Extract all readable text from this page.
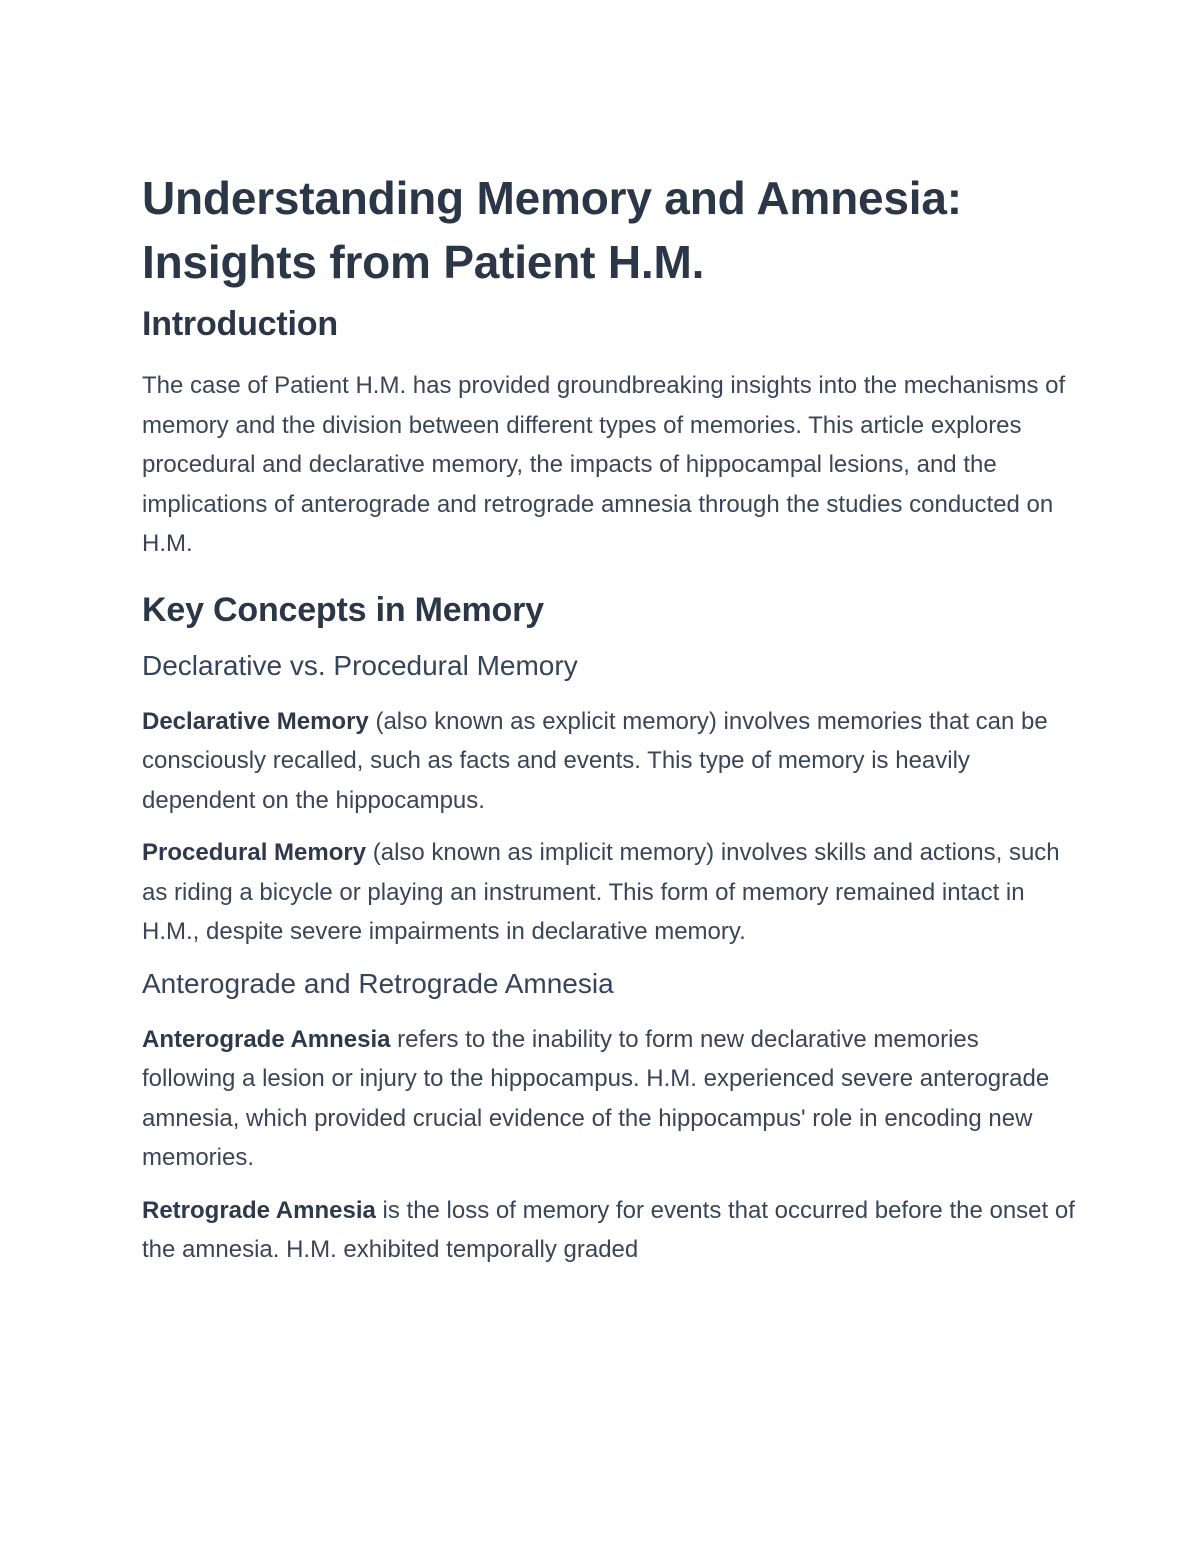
Understanding Memory and Amnesia: Insights from Patient H.M.
Introduction

The case of Patient H.M. has provided groundbreaking insights into the mechanisms of memory and the division between different types of memories. This article explores procedural and declarative memory, the impacts of hippocampal lesions, and the implications of anterograde and retrograde amnesia through the studies conducted on H.M.

Key Concepts in Memory
Declarative vs. Procedural Memory

Declarative Memory (also known as explicit memory) involves memories that can be consciously recalled, such as facts and events. This type of memory is heavily dependent on the hippocampus.

Procedural Memory (also known as implicit memory) involves skills and actions, such as riding a bicycle or playing an instrument. This form of memory remained intact in H.M., despite severe impairments in declarative memory.

Anterograde and Retrograde Amnesia

Anterograde Amnesia refers to the inability to form new declarative memories following a lesion or injury to the hippocampus. H.M. experienced severe anterograde amnesia, which provided crucial evidence of the hippocampus' role in encoding new memories.

Retrograde Amnesia is the loss of memory for events that occurred before the onset of the amnesia. H.M. exhibited temporally graded
